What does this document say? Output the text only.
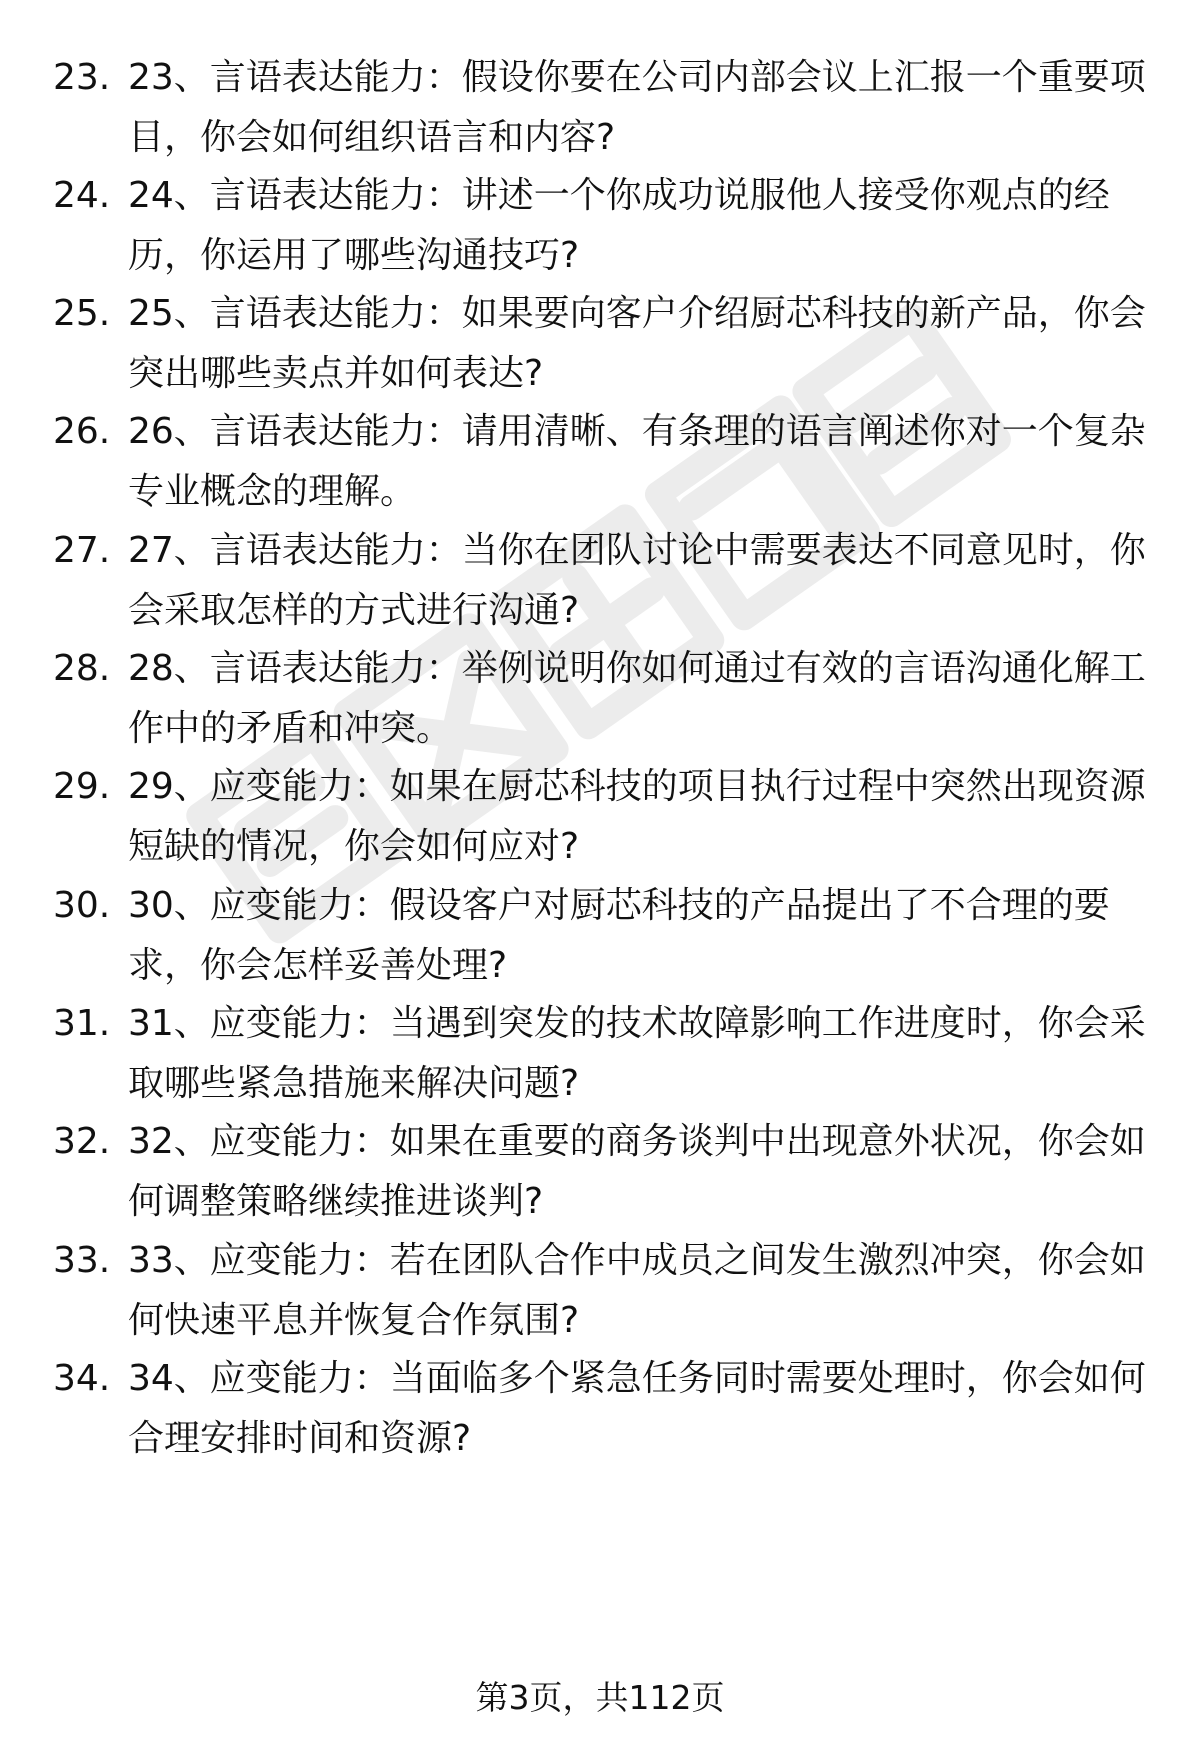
23. 23、言语表达能力：假设你要在公司内部会议上汇报一个重要项目，你会如何组织语言和内容?
24. 24、言语表达能力：讲述一个你成功说服他人接受你观点的经历，你运用了哪些沟通技巧?
25. 25、言语表达能力：如果要向客户介绍厨芯科技的新产品，你会突出哪些卖点并如何表达?
26. 26、言语表达能力：请用清晰、有条理的语言阐述你对一个复杂专业概念的理解。
27. 27、言语表达能力：当你在团队讨论中需要表达不同意见时，你会采取怎样的方式进行沟通?
28. 28、言语表达能力：举例说明你如何通过有效的言语沟通化解工作中的矛盾和冲突。
29. 29、应变能力：如果在厨芯科技的项目执行过程中突然出现资源短缺的情况，你会如何应对?
30. 30、应变能力：假设客户对厨芯科技的产品提出了不合理的要求，你会怎样妥善处理?
31. 31、应变能力：当遇到突发的技术故障影响工作进度时，你会采取哪些紧急措施来解决问题?
32. 32、应变能力：如果在重要的商务谈判中出现意外状况，你会如何调整策略继续推进谈判?
33. 33、应变能力：若在团队合作中成员之间发生激烈冲突，你会如何快速平息并恢复合作氛围?
34. 34、应变能力：当面临多个紧急任务同时需要处理时，你会如何合理安排时间和资源?
第3页，共112页
